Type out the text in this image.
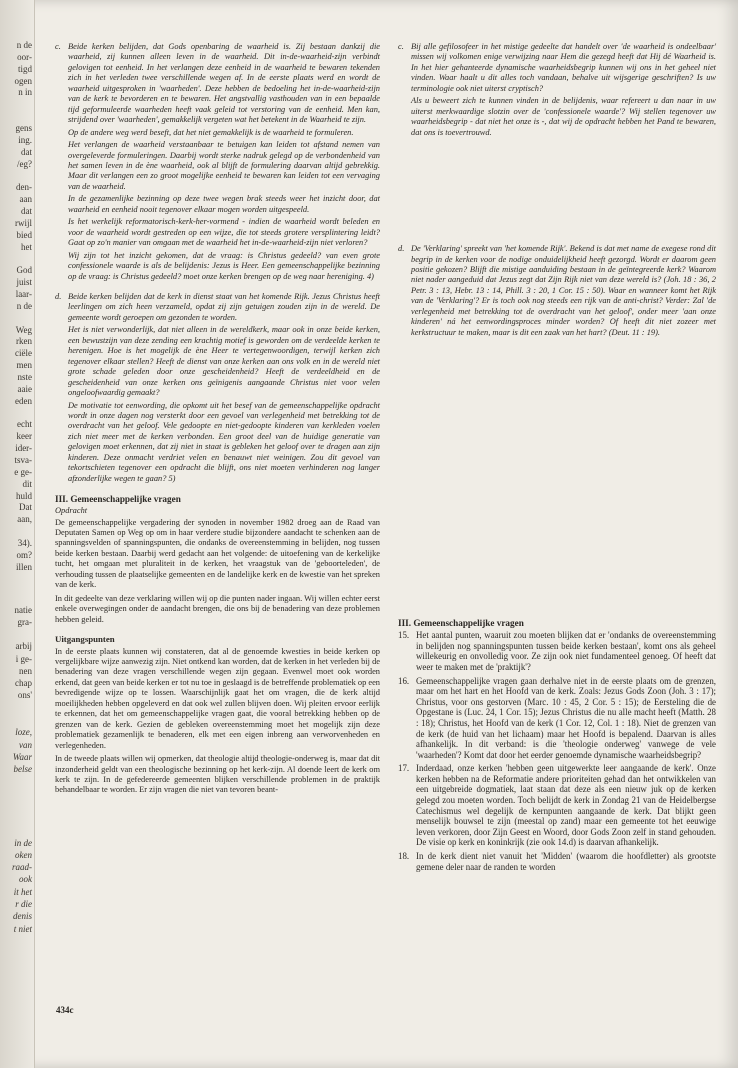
n de
oor-
tigd
ogen
n in
gens
ing.
dat
/eg?
den-
aan
dat
rwijl
bied
het
God
juist
laar-
n de
Weg
rken
ciële
men
nste
aaie
eden
echt
keer
ider-
tsva-
e ge-
dit
huld
Dat
aan,
34).
om?
illen
natie
gra-
arbij
i ge-
nen
chap
ons'
loze,
van
Waar
belse
in de
oken
raad-
ook
it het
r die
denis
t niet
c. Beide kerken belijden, dat Gods openbaring de waarheid is. Zij bestaan dankzij die waarheid, zij kunnen alleen leven in de waarheid. Dit in-de-waarheid-zijn verbindt gelovigen tot eenheid. In het verlangen deze eenheid in de waarheid te bewaren tekenden zich in het verleden twee verschillende wegen af. In de eerste plaats werd en wordt de waarheid uitgesproken in 'waarheden'. Deze hebben de bedoeling het in-de-waarheid-zijn van de kerk te bevorderen en te bewaren. Het angstvallig vasthouden van in een bepaalde tijd geformuleerde waarheden heeft vaak geleid tot verstoring van de eenheid. Men kan, strijdend over 'waarheden', gemakkelijk vergeten wat het betekent in de Waarheid te zijn.

Op de andere weg werd beseft, dat het niet gemakkelijk is de waarheid te formuleren.

Het verlangen de waarheid verstaanbaar te betuigen kan leiden tot afstand nemen van overgeleverde formuleringen. Daarbij wordt sterke nadruk gelegd op de verbondenheid van het samen leven in de ène waarheid, ook al blijft de formulering daarvan altijd gebrekkig. Maar dit verlangen een zo groot mogelijke eenheid te bewaren kan leiden tot een vervaging van de waarheid.

In de gezamenlijke bezinning op deze twee wegen brak steeds weer het inzicht door, dat waarheid en eenheid nooit tegenover elkaar mogen worden uitgespeeld.

Is het werkelijk reformatorisch-kerk-her-vormend - indien de waarheid wordt beleden en voor de waarheid wordt gestreden op een wijze, die tot steeds grotere versplintering leidt? Gaat op zo'n manier van omgaan met de waarheid het in-de-waarheid-zijn niet verloren?

Wij zijn tot het inzicht gekomen, dat de vraag: is Christus gedeeld? van even grote confessionele waarde is als de belijdenis: Jezus is Heer. Een gemeenschappelijke bezinning op de vraag: is Christus gedeeld? moet onze kerken brengen op de weg naar hereniging. 4)

d. Beide kerken belijden dat de kerk in dienst staat van het komende Rijk. Jezus Christus heeft leerlingen om zich heen verzameld, opdat zij zijn getuigen zouden zijn in de wereld. De gemeente wordt geroepen om gezonden te worden.

Het is niet verwonderlijk, dat niet alleen in de wereldkerk, maar ook in onze beide kerken, een bewustzijn van deze zending een krachtig motief is geworden om de verdeelde kerken te herenigen. Hoe is het mogelijk de ène Heer te vertegenwoordigen, terwijl kerken zich tegenover elkaar stellen? Heeft de dienst van onze kerken aan ons volk en in de wereld niet grote schade geleden door onze gescheidenheid? Heeft de verdeeldheid en de gescheidenheid van onze kerken ons geïnigenis aangaande Christus niet voor velen ongeloofwaardig gemaakt?

De motivatie tot eenwording, die opkomt uit het besef van de gemeenschappelijke opdracht wordt in onze dagen nog versterkt door een gevoel van verlegenheid met betrekking tot de overdracht van het geloof. Vele gedoopte en niet-gedoopte kinderen van kerkleden voelen zich niet meer met de kerken verbonden. Een groot deel van de huidige generatie van gelovigen moet erkennen, dat zij niet in staat is gebleken het geloof over te dragen aan zijn kinderen. Deze onmacht verdriet velen en benauwt niet weinigen. Zou dit gevoel van tekortschieten tegenover een opdracht die blijft, ons niet moeten verhinderen nog langer afzonderlijke wegen te gaan? 5)

III. Gemeenschappelijke vragen
Opdracht

De gemeenschappelijke vergadering der synoden in november 1982 droeg aan de Raad van Deputaten Samen op Weg op om in haar verdere studie bijzondere aandacht te schenken aan de spanningsvelden of spanningspunten, die ondanks de overeenstemming in belijden, nog tussen beide kerken bestaan. Daarbij werd gedacht aan het volgende: de uitoefening van de kerkelijke tucht, het omgaan met pluraliteit in de kerken, het vraagstuk van de 'geboorteleden', de verhouding tussen de plaatselijke gemeenten en de landelijke kerk en de kwestie van het spreken van de kerk.

In dit gedeelte van deze verklaring willen wij op die punten nader ingaan. Wij willen echter eerst enkele overwegingen onder de aandacht brengen, die ons bij de benadering van deze problemen hebben geleid.

Uitgangspunten

In de eerste plaats kunnen wij constateren, dat al de genoemde kwesties in beide kerken op vergelijkbare wijze aanwezig zijn. Niet ontkend kan worden, dat de kerken in het verleden bij de benadering van deze vragen verschillende wegen zijn gegaan. Evenwel moet ook worden erkend, dat geen van beide kerken er tot nu toe in geslaagd is de betreffende problematiek op een bevredigende wijze op te lossen. Waarschijnlijk gaat het om vragen, die de kerk altijd moeilijkheden hebben opgeleverd en dat ook wel zullen blijven doen. Wij pleiten ervoor eerlijk te erkennen, dat het om gemeenschappelijke vragen gaat, die vooral betrekking hebben op de grenzen van de kerk. Gezien de gebleken overeenstemming moet het mogelijk zijn deze problematiek gezamenlijk te benaderen, elk met een eigen inbreng aan verworvenheden en verlegenheden.

In de tweede plaats willen wij opmerken, dat theologie altijd theologie-onderweg is, maar dat dit inzonderheid geldt van een theologische bezinning op het kerk-zijn. Al doende leert de kerk om kerk te zijn. In de gefedereerde gemeenten blijken verschillende problemen in de praktijk behandelbaar te worden. Er zijn vragen die niet van tevoren beant-

c. Bij alle gefilosofeer in het mistige gedeelte dat handelt over 'de waarheid is ondeelbaar' missen wij volkomen enige verwijzing naar Hem die gezegd heeft dat Hij dé Waarheid is. In het hier gehanteerde dynamische waarheidsbegrip kunnen wij ons in het geheel niet vinden. Waar haalt u dit alles toch vandaan, behalve uit wijsgerige geschriften? Is uw terminologie ook niet uiterst cryptisch?

Als u beweert zich te kunnen vinden in de belijdenis, waar refereert u dan naar in uw uiterst merkwaardige slotzin over de 'confessionele waarde'? Wij stellen tegenover uw waarheidsbegrip - dat niet het onze is -, dat wij de opdracht hebben het Pand te bewaren, dat ons is toevertrouwd.

d. De 'Verklaring' spreekt van 'het komende Rijk'. Bekend is dat met name de exegese rond dit begrip in de kerken voor de nodige onduidelijkheid heeft gezorgd. Wordt er daarom geen positie gekozen? Blijft die mistige aanduiding bestaan in de geïntegreerde kerk? Waarom niet nader aangeduid dat Jezus zegt dat Zijn Rijk niet van deze wereld is? (Joh. 18 : 36, 2 Petr. 3 : 13, Hebr. 13 : 14, Phill. 3 : 20, 1 Cor. 15 : 50). Waar en wanneer komt het Rijk van de 'Verklaring'? Er is toch ook nog steeds een rijk van de anti-christ? Verder: Zal 'de verlegenheid met betrekking tot de overdracht van het geloof', onder meer 'aan onze kinderen' ná het eenwordingsproces minder worden? Of heeft dit niet zozeer met kerkstructuur te maken, maar is dit een zaak van het hart? (Deut. 11 : 19).

III. Gemeenschappelijke vragen
15. Het aantal punten, waaruit zou moeten blijken dat er 'ondanks de overeenstemming in belijden nog spanningspunten tussen beide kerken bestaan', komt ons als geheel willekeurig en onvolledig voor. Ze zijn ook niet fundamenteel genoeg. Of heeft dat weer te maken met de 'praktijk'?
16. Gemeenschappelijke vragen gaan derhalve niet in de eerste plaats om de grenzen, maar om het hart en het Hoofd van de kerk. Zoals: Jezus Gods Zoon (Joh. 3 : 17); Christus, voor ons gestorven (Marc. 10 : 45, 2 Cor. 5 : 15); de Eersteling die de Opgestane is (Luc. 24, 1 Cor. 15); Jezus Christus die nu alle macht heeft (Matth. 28 : 18); Christus, het Hoofd van de kerk (1 Cor. 12, Col. 1 : 18). Niet de grenzen van de kerk (de huid van het lichaam) maar het Hoofd is bepalend. Daarvan is alles afhankelijk. In dit verband: is die 'theologie onderweg' vanwege de vele 'waarheden'? Komt dat door het eerder genoemde dynamische waarheidsbegrip?
17. Inderdaad, onze kerken 'hebben geen uitgewerkte leer aangaande de kerk'. Onze kerken hebben na de Reformatie andere prioriteiten gehad dan het ontwikkelen van een uitgebreide dogmatiek, laat staan dat deze als een nieuw juk op de kerken gelegd zou moeten worden. Toch belijdt de kerk in Zondag 21 van de Heidelbergse Catechismus wel degelijk de kernpunten aangaande de kerk. Dat blijkt geen menselijk bouwsel te zijn (meestal op zand) maar een gemeente tot het eeuwige leven verkoren, door Zijn Geest en Woord, door Gods Zoon zelf in stand gehouden. De visie op kerk en koninkrijk (zie ook 14.d) is daarvan afhankelijk.
18. In de kerk dient niet vanuit het 'Midden' (waarom die hoofdletter) als grootste gemene deler naar de randen te worden
434c
